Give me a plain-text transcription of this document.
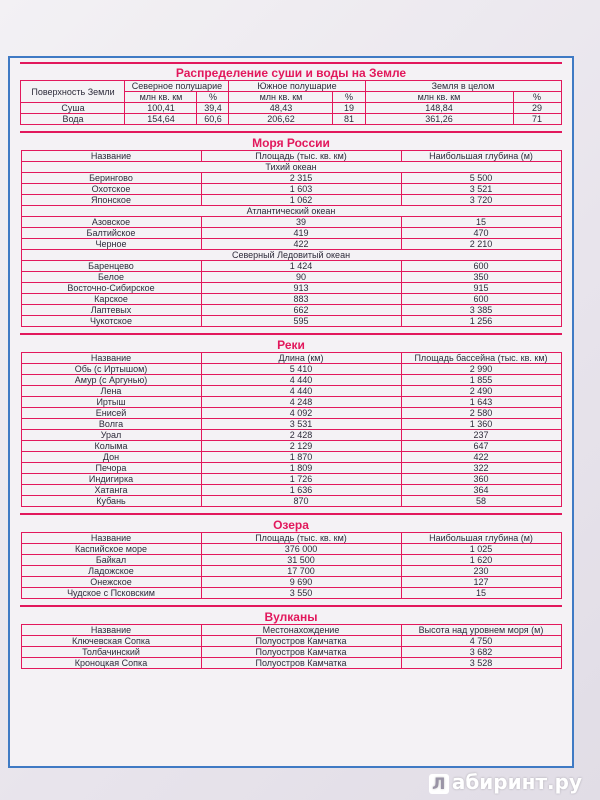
Распределение суши и воды на Земле

Поверхность Земли	Северное полушарие		Южное полушарие		Земля в целом	
	млн кв. км	%	млн кв. км	%	млн кв. км	%
Суша	100,41	39,4	48,43	19	148,84	29
Вода	154,64	60,6	206,62	81	361,26	71

Моря России

Название	Площадь (тыс. кв. км)	Наибольшая глубина (м)
Тихий океан		
Берингово	2 315	5 500
Охотское	1 603	3 521
Японское	1 062	3 720
Атлантический океан		
Азовское	39	15
Балтийское	419	470
Черное	422	2 210
Северный Ледовитый океан		
Баренцево	1 424	600
Белое	90	350
Восточно-Сибирское	913	915
Карское	883	600
Лаптевых	662	3 385
Чукотское	595	1 256

Реки

Название	Длина (км)	Площадь бассейна (тыс. кв. км)
Обь (с Иртышом)	5 410	2 990
Амур (с Аргунью)	4 440	1 855
Лена	4 440	2 490
Иртыш	4 248	1 643
Енисей	4 092	2 580
Волга	3 531	1 360
Урал	2 428	237
Колыма	2 129	647
Дон	1 870	422
Печора	1 809	322
Индигирка	1 726	360
Хатанга	1 636	364
Кубань	870	58

Озера

Название	Площадь (тыс. кв. км)	Наибольшая глубина (м)
Каспийское море	376 000	1 025
Байкал	31 500	1 620
Ладожское	17 700	230
Онежское	9 690	127
Чудское с Псковским	3 550	15

Вулканы

Название	Местонахождение	Высота над уровнем моря (м)
Ключевская Сопка	Полуостров Камчатка	4 750
Толбачинский	Полуостров Камчатка	3 682
Кроноцкая Сопка	Полуостров Камчатка	3 528
Л абиринт.ру
